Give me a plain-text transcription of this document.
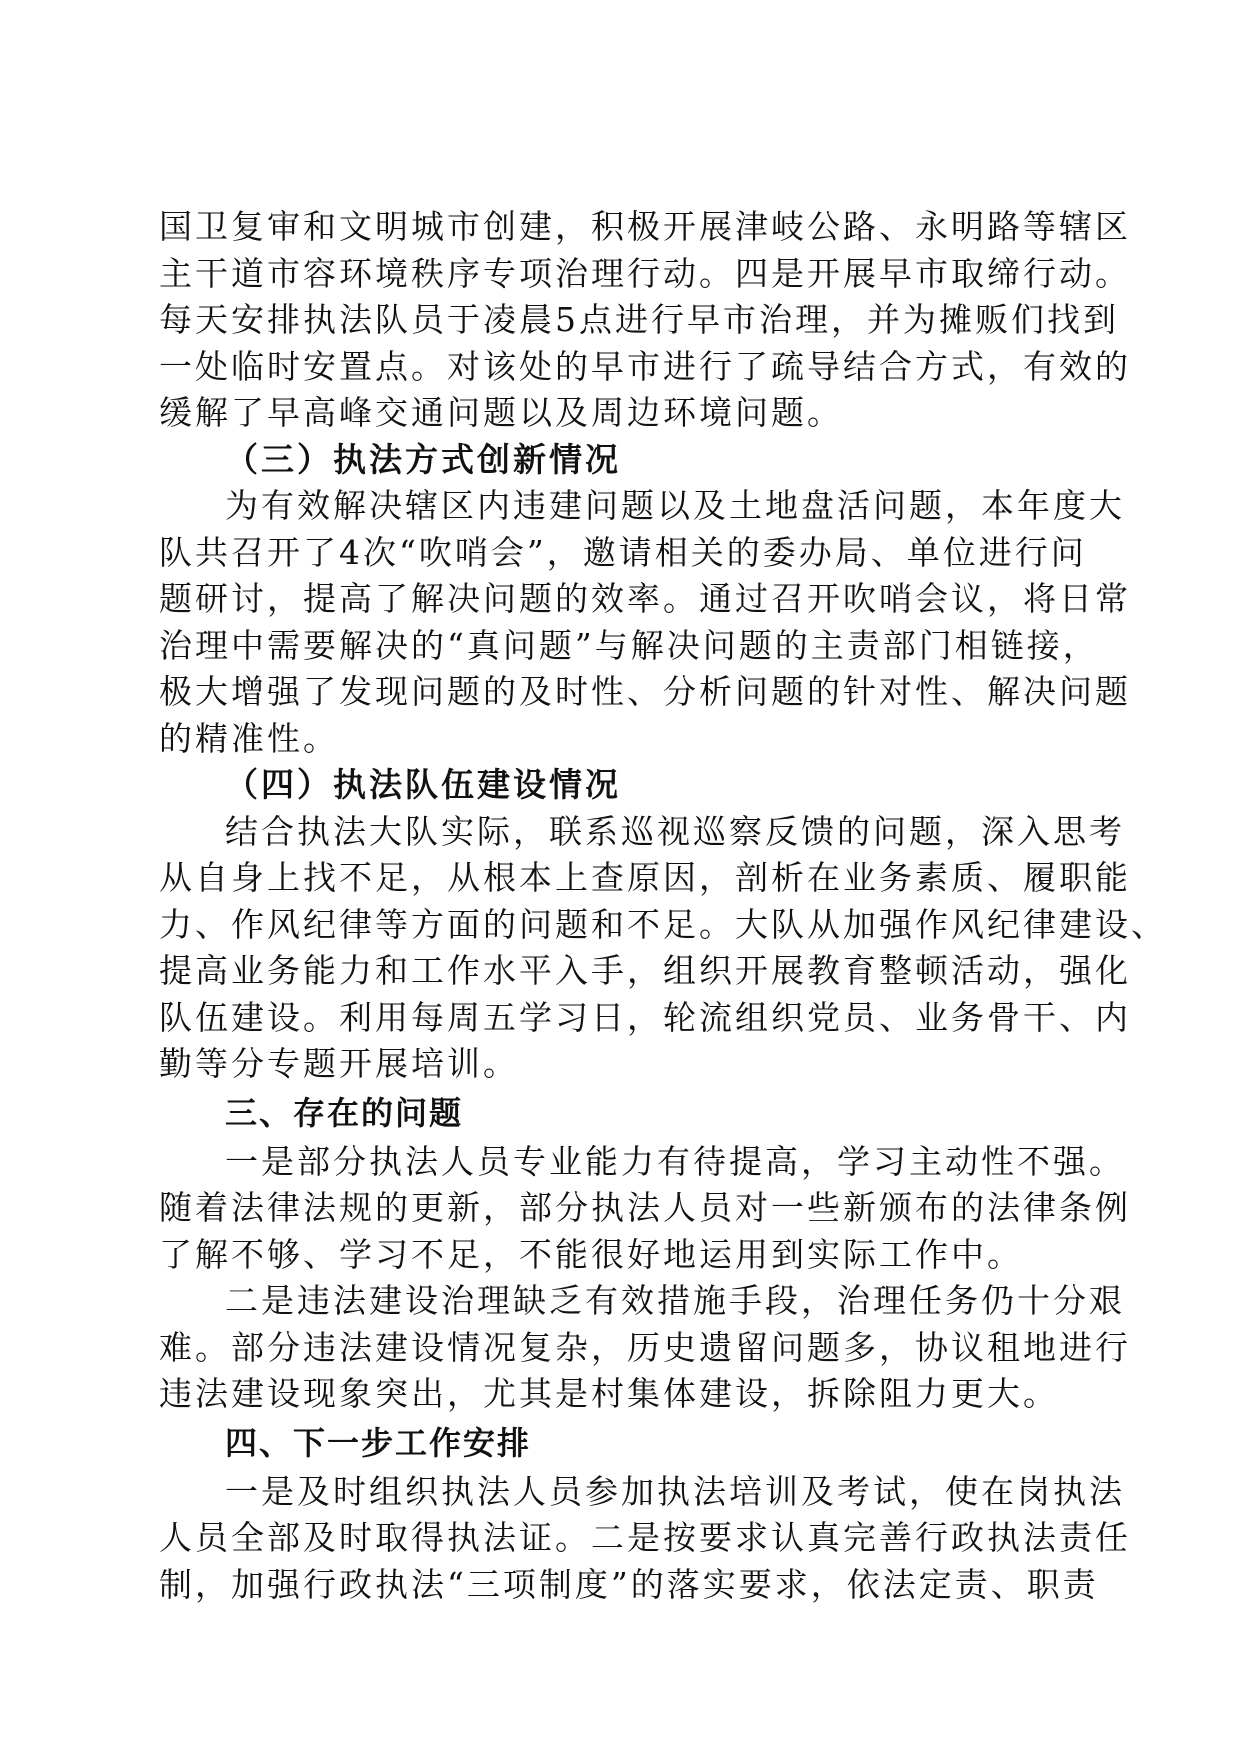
国卫复审和文明城市创建，积极开展津岐公路、永明路等辖区
主干道市容环境秩序专项治理行动。四是开展早市取缔行动。
每天安排执法队员于凌晨5点进行早市治理，并为摊贩们找到
一处临时安置点。对该处的早市进行了疏导结合方式，有效的
缓解了早高峰交通问题以及周边环境问题。
（三）执法方式创新情况
为有效解决辖区内违建问题以及土地盘活问题，本年度大
队共召开了4次“吹哨会”，邀请相关的委办局、单位进行问
题研讨，提高了解决问题的效率。通过召开吹哨会议，将日常
治理中需要解决的“真问题”与解决问题的主责部门相链接，
极大增强了发现问题的及时性、分析问题的针对性、解决问题
的精准性。
（四）执法队伍建设情况
结合执法大队实际，联系巡视巡察反馈的问题，深入思考
从自身上找不足，从根本上查原因，剖析在业务素质、履职能
力、作风纪律等方面的问题和不足。大队从加强作风纪律建设、
提高业务能力和工作水平入手，组织开展教育整顿活动，强化
队伍建设。利用每周五学习日，轮流组织党员、业务骨干、内
勤等分专题开展培训。
三、存在的问题
一是部分执法人员专业能力有待提高，学习主动性不强。
随着法律法规的更新，部分执法人员对一些新颁布的法律条例
了解不够、学习不足，不能很好地运用到实际工作中。
二是违法建设治理缺乏有效措施手段，治理任务仍十分艰
难。部分违法建设情况复杂，历史遗留问题多，协议租地进行
违法建设现象突出，尤其是村集体建设，拆除阻力更大。
四、下一步工作安排
一是及时组织执法人员参加执法培训及考试，使在岗执法
人员全部及时取得执法证。二是按要求认真完善行政执法责任
制，加强行政执法“三项制度”的落实要求，依法定责、职责
